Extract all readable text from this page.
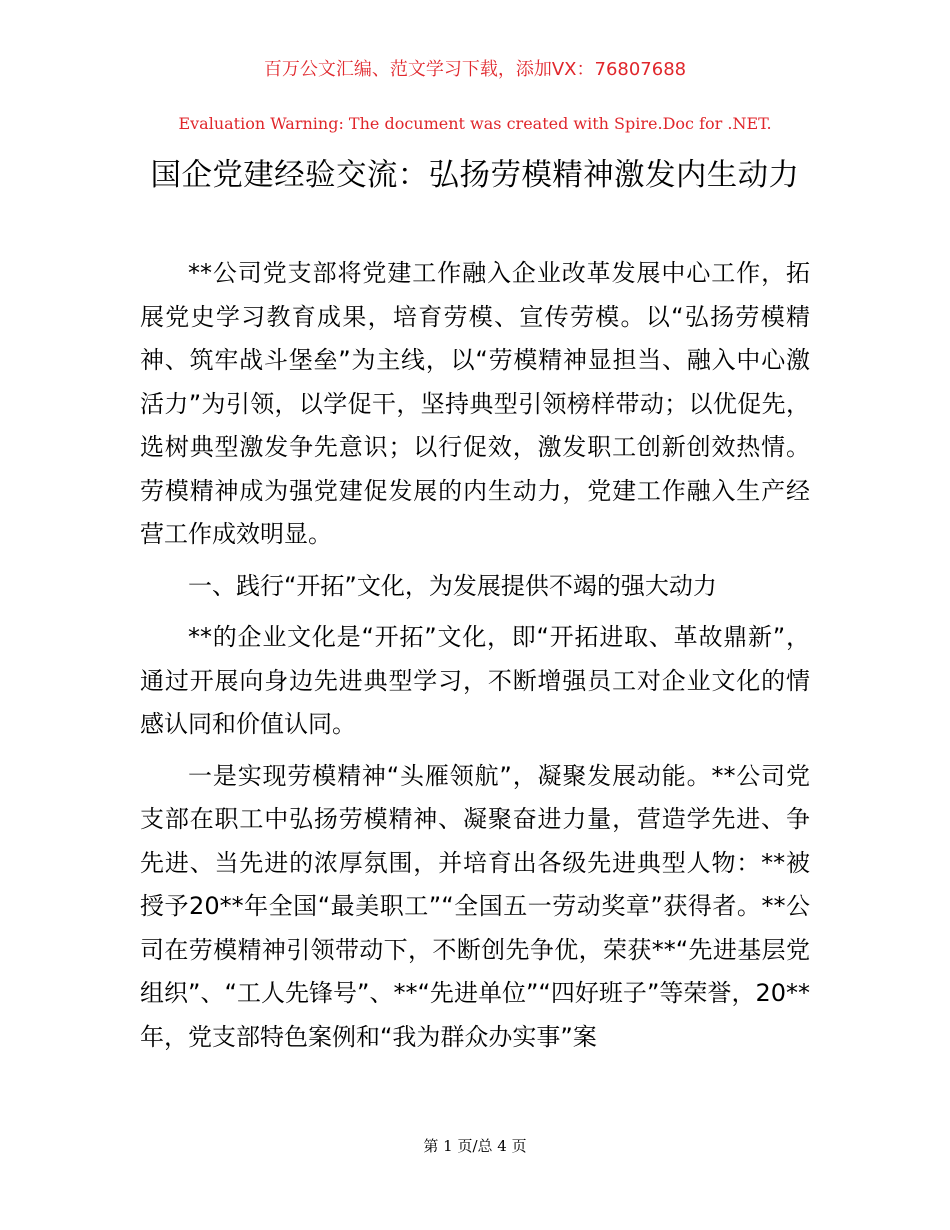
百万公文汇编、范文学习下载，添加VX：76807688
Evaluation Warning: The document was created with Spire.Doc for .NET.
国企党建经验交流：弘扬劳模精神激发内生动力

**公司党支部将党建工作融入企业改革发展中心工作，拓展党史学习教育成果，培育劳模、宣传劳模。以“弘扬劳模精神、筑牢战斗堡垒”为主线，以“劳模精神显担当、融入中心激活力”为引领，以学促干，坚持典型引领榜样带动；以优促先，选树典型激发争先意识；以行促效，激发职工创新创效热情。劳模精神成为强党建促发展的内生动力，党建工作融入生产经营工作成效明显。

一、践行“开拓”文化，为发展提供不竭的强大动力

**的企业文化是“开拓”文化，即“开拓进取、革故鼎新”，通过开展向身边先进典型学习，不断增强员工对企业文化的情感认同和价值认同。

一是实现劳模精神“头雁领航”，凝聚发展动能。**公司党支部在职工中弘扬劳模精神、凝聚奋进力量，营造学先进、争先进、当先进的浓厚氛围，并培育出各级先进典型人物：**被授予20**年全国“最美职工”“全国五一劳动奖章”获得者。**公司在劳模精神引领带动下，不断创先争优，荣获**“先进基层党组织”、“工人先锋号”、**“先进单位”“四好班子”等荣誉，20**年，党支部特色案例和“我为群众办实事”案

第 1 页/总 4 页
